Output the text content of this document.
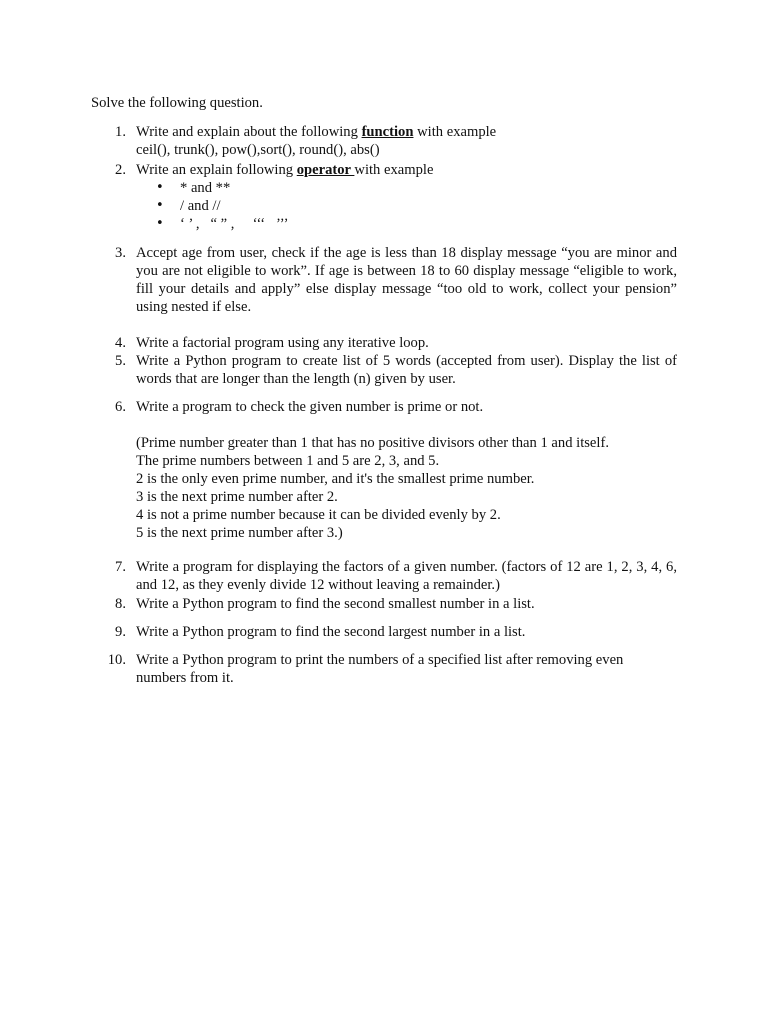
Solve the following question.

1. Write and explain about the following function with example

ceil(), trunk(), pow(),sort(), round(), abs()

2. Write an explain following operator with example

• * and **
• / and //
• ‘ ’ ,   “ ” ,     ‘‘‘   ’’’
3. Accept age from user, check if the age is less than 18 display message “you are minor and you are not eligible to work”. If age is between 18 to 60 display message “eligible to work, fill your details and apply” else display message “too old to work, collect your pension” using nested if else.

4. Write a factorial program using any iterative loop.

5. Write a Python program to create list of 5 words (accepted from user). Display the list of words that are longer than the length (n) given by user.

6. Write a program to check the given number is prime or not.

(Prime number greater than 1 that has no positive divisors other than 1 and itself.

The prime numbers between 1 and 5 are 2, 3, and 5.

2 is the only even prime number, and it's the smallest prime number.

3 is the next prime number after 2.

4 is not a prime number because it can be divided evenly by 2.

5 is the next prime number after 3.)

7. Write a program for displaying the factors of a given number. (factors of 12 are 1, 2, 3, 4, 6, and 12, as they evenly divide 12 without leaving a remainder.)

8. Write a Python program to find the second smallest number in a list.

9. Write a Python program to find the second largest number in a list.

10. Write a Python program to print the numbers of a specified list after removing even numbers from it.
